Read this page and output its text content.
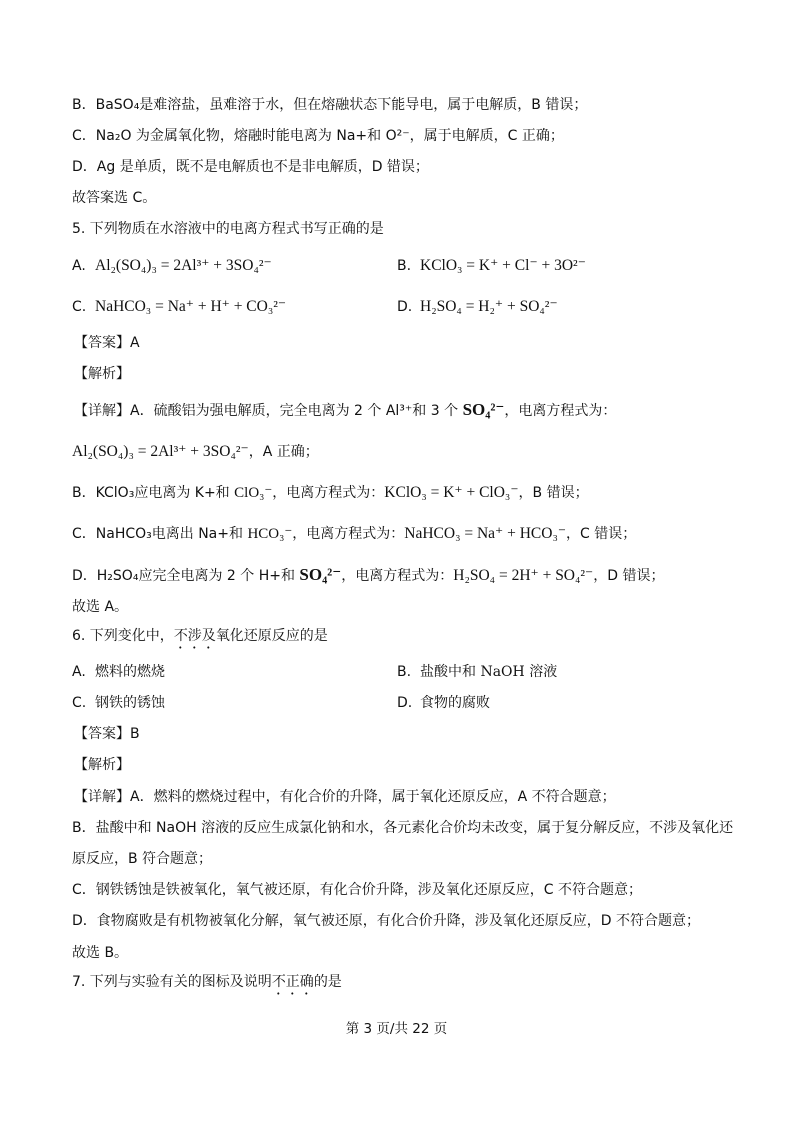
B．BaSO₄是难溶盐，虽难溶于水，但在熔融状态下能导电，属于电解质，B 错误；
C．Na₂O 为金属氧化物，熔融时能电离为 Na+和 O²⁻，属于电解质，C 正确；
D．Ag 是单质，既不是电解质也不是非电解质，D 错误；
故答案选 C。
5. 下列物质在水溶液中的电离方程式书写正确的是
A. Al₂(SO₄)₃ = 2Al³⁺ + 3SO₄²⁻	B. KClO₃ = K⁺ + Cl⁻ + 3O²⁻
C. NaHCO₃ = Na⁺ + H⁺ + CO₃²⁻	D. H₂SO₄ = H₂⁺ + SO₄²⁻
【答案】A
【解析】
【详解】A．硫酸铝为强电解质，完全电离为 2 个 Al³⁺和 3 个 SO₄²⁻，电离方程式为：
Al₂(SO₄)₃ = 2Al³⁺ + 3SO₄²⁻，A 正确；
B．KClO₃应电离为 K+和 ClO₃⁻，电离方程式为：KClO₃ = K⁺ + ClO₃⁻，B 错误；
C．NaHCO₃电离出 Na+和 HCO₃⁻，电离方程式为：NaHCO₃ = Na⁺ + HCO₃⁻，C 错误；
D．H₂SO₄应完全电离为 2 个 H+和 SO₄²⁻，电离方程式为：H₂SO₄ = 2H⁺ + SO₄²⁻，D 错误；
故选 A。
6. 下列变化中，不涉及氧化还原反应的是
A. 燃料的燃烧	B. 盐酸中和 NaOH 溶液
C. 钢铁的锈蚀	D. 食物的腐败
【答案】B
【解析】
【详解】A．燃料的燃烧过程中，有化合价的升降，属于氧化还原反应，A 不符合题意；
B．盐酸中和 NaOH 溶液的反应生成氯化钠和水，各元素化合价均未改变，属于复分解反应，不涉及氧化还
原反应，B 符合题意；
C．钢铁锈蚀是铁被氧化，氧气被还原，有化合价升降，涉及氧化还原反应，C 不符合题意；
D．食物腐败是有机物被氧化分解，氧气被还原，有化合价升降，涉及氧化还原反应，D 不符合题意；
故选 B。
7. 下列与实验有关的图标及说明不正确的是
第 3 页/共 22 页
